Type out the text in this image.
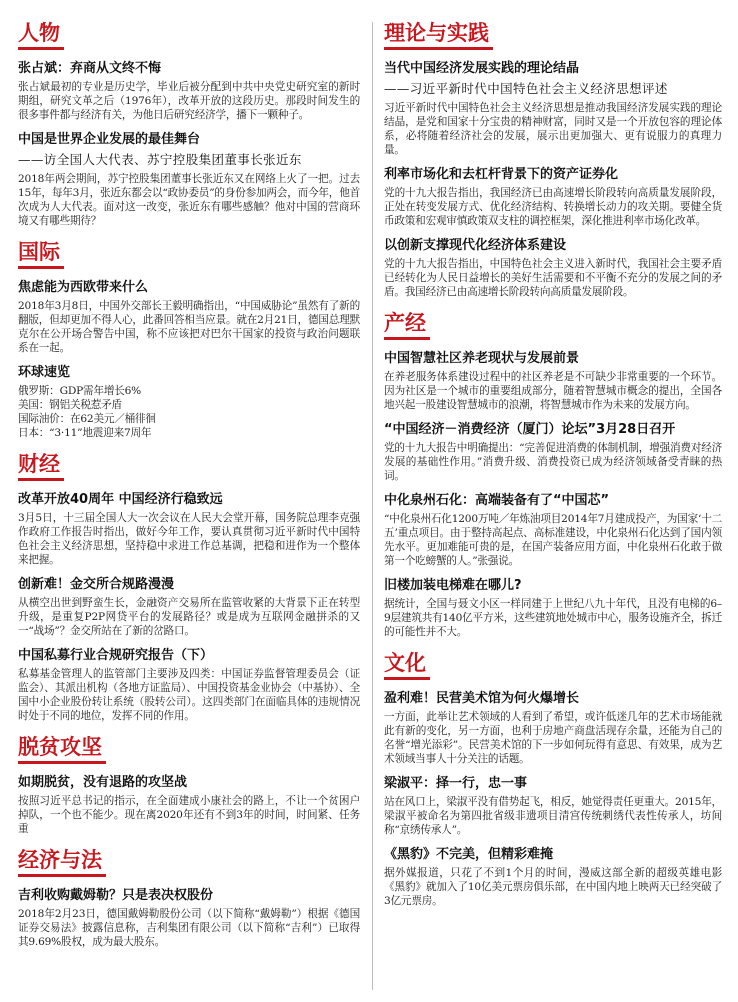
人物
张占斌：弃商从文终不悔

张占斌最初的专业是历史学，毕业后被分配到中共中央党史研究室的新时期组，研究文革之后（1976年），改革开放的这段历史。那段时间发生的很多事件都与经济有关，为他日后研究经济学，播下一颗种子。

中国是世界企业发展的最佳舞台
——访全国人大代表、苏宁控股集团董事长张近东

2018年两会期间，苏宁控股集团董事长张近东又在网络上火了一把。过去15年，每年3月，张近东都会以“政协委员”的身份参加两会，而今年，他首次成为人大代表。面对这一改变，张近东有哪些感触？他对中国的营商环境又有哪些期待？

国际
焦虑能为西欧带来什么

2018年3月8日，中国外交部长王毅明确指出，“中国威胁论”虽然有了新的翻版，但却更加不得人心，此番回答相当应景。就在2月21日，德国总理默克尔在公开场合警告中国，称不应该把对巴尔干国家的投资与政治问题联系在一起。

环球速览

俄罗斯：GDP需年增长6%
美国：钢铝关税惹矛盾
国际油价：在62美元／桶徘徊
日本：“3·11”地震迎来7周年

财经
改革开放40周年 中国经济行稳致远

3月5日，十三届全国人大一次会议在人民大会堂开幕，国务院总理李克强作政府工作报告时指出，做好今年工作，要认真贯彻习近平新时代中国特色社会主义经济思想，坚持稳中求进工作总基调，把稳和进作为一个整体来把握。

创新难！金交所合规路漫漫

从横空出世到野蛮生长，金融资产交易所在监管收紧的大背景下正在转型升级，是重复P2P网贷平台的发展路径？或是成为互联网金融拼杀的又一“战场”？金交所站在了新的岔路口。

中国私募行业合规研究报告（下）

私募基金管理人的监管部门主要涉及四类：中国证券监督管理委员会（证监会）、其派出机构（各地方证监局）、中国投资基金业协会（中基协）、全国中小企业股份转让系统（股转公司）。这四类部门在面临具体的违规情况时处于不同的地位，发挥不同的作用。

脱贫攻坚
如期脱贫，没有退路的攻坚战

按照习近平总书记的指示，在全面建成小康社会的路上，不让一个贫困户掉队，一个也不能少。现在离2020年还有不到3年的时间，时间紧、任务重

经济与法
吉利收购戴姆勒？只是表决权股份

2018年2月23日，德国戴姆勒股份公司（以下简称“戴姆勒”）根据《德国证券交易法》披露信息称，吉利集团有限公司（以下简称“吉利”）已取得其9.69%股权，成为最大股东。

理论与实践
当代中国经济发展实践的理论结晶
——习近平新时代中国特色社会主义经济思想评述

习近平新时代中国特色社会主义经济思想是推动我国经济发展实践的理论结晶，是党和国家十分宝贵的精神财富，同时又是一个开放包容的理论体系，必将随着经济社会的发展，展示出更加强大、更有说服力的真理力量。

利率市场化和去杠杆背景下的资产证券化

党的十九大报告指出，我国经济已由高速增长阶段转向高质量发展阶段，正处在转变发展方式、优化经济结构、转换增长动力的攻关期。要健全货币政策和宏观审慎政策双支柱的调控框架，深化推进利率市场化改革。

以创新支撑现代化经济体系建设

党的十九大报告指出，中国特色社会主义进入新时代，我国社会主要矛盾已经转化为人民日益增长的美好生活需要和不平衡不充分的发展之间的矛盾。我国经济已由高速增长阶段转向高质量发展阶段。

产经
中国智慧社区养老现状与发展前景

在养老服务体系建设过程中的社区养老是不可缺少非常重要的一个环节。因为社区是一个城市的重要组成部分，随着智慧城市概念的提出，全国各地兴起一股建设智慧城市的浪潮，将智慧城市作为未来的发展方向。

“中国经济－消费经济（厦门）论坛”3月28日召开

党的十九大报告中明确提出：“完善促进消费的体制机制，增强消费对经济发展的基础性作用。”消费升级、消费投资已成为经济领域备受青睐的热词。

中化泉州石化：高端装备有了“中国芯”

“中化泉州石化1200万吨／年炼油项目2014年7月建成投产，为国家‘十二五’重点项目。由于整持高起点、高标准建设，中化泉州石化达到了国内领先水平。更加难能可贵的是，在国产装备应用方面，中化泉州石化敢于做第一个吃螃蟹的人。”张强说。

旧楼加装电梯难在哪儿?

据统计，全国与聂文小区一样同建于上世纪八九十年代，且没有电梯的6–9层建筑共有140亿平方米，这些建筑地处城市中心，服务设施齐全，拆迁的可能性并不大。

文化
盈利难！民营美术馆为何火爆增长

一方面，此举让艺术领域的人看到了希望，或许低迷几年的艺术市场能就此有新的变化，另一方面，也利于房地产商盘活现存余量，还能为自己的名誉“增光添彩”。民营美术馆的下一步如何玩得有意思、有效果，成为艺术领域当事人十分关注的话题。

梁淑平：择一行，忠一事

站在风口上，梁淑平没有借势起飞，相反，她觉得责任更重大。2015年，梁淑平被命名为第四批省级非遗项目清宫传统刺绣代表性传承人，坊间称“京绣传承人”。

《黑豹》不完美，但精彩难掩

据外媒报道，只花了不到1个月的时间，漫威这部全新的超级英雄电影《黑豹》就加入了10亿美元票房俱乐部，在中国内地上映两天已经突破了3亿元票房。
